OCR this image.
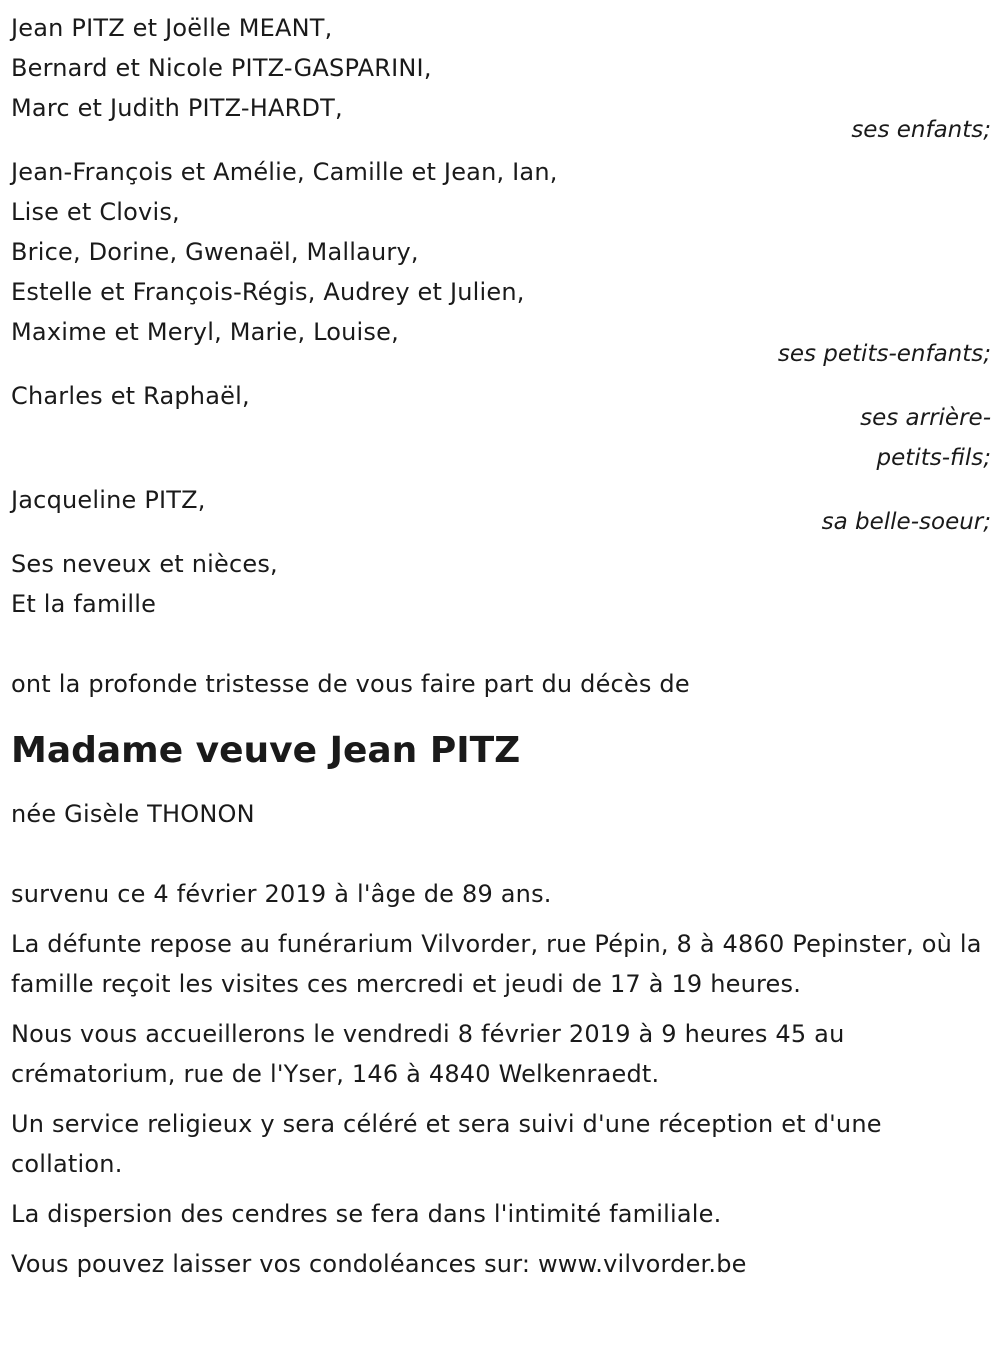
Jean PITZ et Joëlle MEANT,
Bernard et Nicole PITZ-GASPARINI,
Marc et Judith PITZ-HARDT,
ses enfants;
Jean-François et Amélie, Camille et Jean, Ian,
Lise et Clovis,
Brice, Dorine, Gwenaël, Mallaury,
Estelle et François-Régis, Audrey et Julien,
Maxime et Meryl, Marie, Louise,
ses petits-enfants;
Charles et Raphaël,
ses arrière-
petits-fils;
Jacqueline PITZ,
sa belle-soeur;
Ses neveux et nièces,
Et la famille
ont la profonde tristesse de vous faire part du décès de
Madame veuve Jean PITZ
née Gisèle THONON

survenu ce 4 février 2019 à l'âge de 89 ans.

La défunte repose au funérarium Vilvorder, rue Pépin, 8 à 4860 Pepinster, où la famille reçoit les visites ces mercredi et jeudi de 17 à 19 heures.

Nous vous accueillerons le vendredi 8 février 2019 à 9 heures 45 au crématorium, rue de l'Yser, 146 à 4840 Welkenraedt.

Un service religieux y sera céléré et sera suivi d'une réception et d'une collation.

La dispersion des cendres se fera dans l'intimité familiale.

Vous pouvez laisser vos condoléances sur: www.vilvorder.be
